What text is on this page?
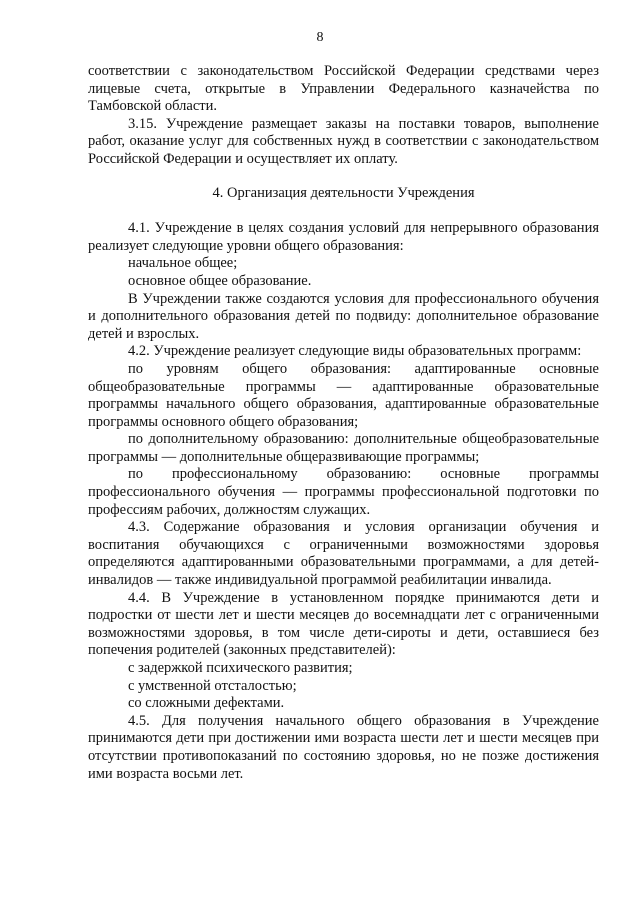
8

соответствии с законодательством Российской Федерации средствами через лицевые счета, открытые в Управлении Федерального казначейства по Тамбовской области.

3.15. Учреждение размещает заказы на поставки товаров, выполнение работ, оказание услуг для собственных нужд в соответствии с законодательством Российской Федерации и осуществляет их оплату.

4. Организация деятельности Учреждения

4.1. Учреждение в целях создания условий для непрерывного образования реализует следующие уровни общего образования:

начальное общее;

основное общее образование.

В Учреждении также создаются условия для профессионального обучения и дополнительного образования детей по подвиду: дополнительное образование детей и взрослых.

4.2. Учреждение реализует следующие виды образовательных программ:

по уровням общего образования: адаптированные основные общеобразовательные программы — адаптированные образовательные программы начального общего образования, адаптированные образовательные программы основного общего образования;

по дополнительному образованию: дополнительные общеобразовательные программы — дополнительные общеразвивающие программы;

по профессиональному образованию: основные программы профессионального обучения — программы профессиональной подготовки по профессиям рабочих, должностям служащих.

4.3. Содержание образования и условия организации обучения и воспитания обучающихся с ограниченными возможностями здоровья определяются адаптированными образовательными программами, а для детей-инвалидов — также индивидуальной программой реабилитации инвалида.

4.4. В Учреждение в установленном порядке принимаются дети и подростки от шести лет и шести месяцев до восемнадцати лет с ограниченными возможностями здоровья, в том числе дети-сироты и дети, оставшиеся без попечения родителей (законных представителей):

с задержкой психического развития;

с умственной отсталостью;

со сложными дефектами.

4.5. Для получения начального общего образования в Учреждение принимаются дети при достижении ими возраста шести лет и шести месяцев при отсутствии противопоказаний по состоянию здоровья, но не позже достижения ими возраста восьми лет.
